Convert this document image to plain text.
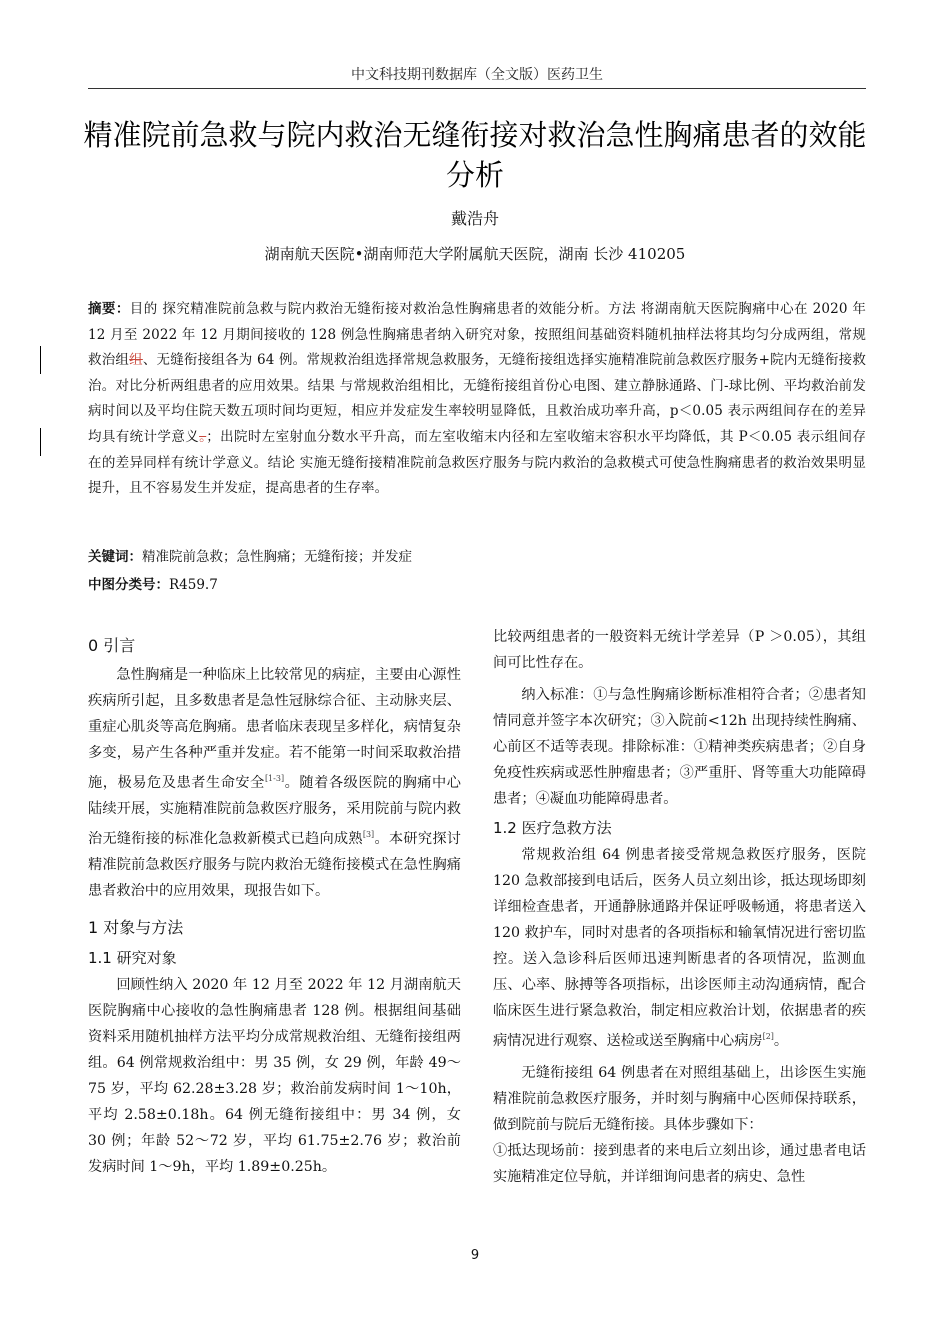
中文科技期刊数据库（全文版）医药卫生
精准院前急救与院内救治无缝衔接对救治急性胸痛患者的效能分析
戴浩舟
湖南航天医院•湖南师范大学附属航天医院，湖南 长沙 410205
摘要：目的 探究精准院前急救与院内救治无缝衔接对救治急性胸痛患者的效能分析。方法 将湖南航天医院胸痛中心在 2020 年 12 月至 2022 年 12 月期间接收的 128 例急性胸痛患者纳入研究对象，按照组间基础资料随机抽样法将其均匀分成两组，常规救治组组、无缝衔接组各为 64 例。常规救治组选择常规急救服务，无缝衔接组选择实施精准院前急救医疗服务+院内无缝衔接救治。对比分析两组患者的应用效果。结果 与常规救治组相比，无缝衔接组首份心电图、建立静脉通路、门-球比例、平均救治前发病时间以及平均住院天数五项时间均更短，相应并发症发生率较明显降低，且救治成功率升高，p＜0.05 表示两组间存在的差异均具有统计学意义。；出院时左室射血分数水平升高，而左室收缩末内径和左室收缩末容积水平均降低，其 P＜0.05 表示组间存在的差异同样有统计学意义。结论 实施无缝衔接精准院前急救医疗服务与院内救治的急救模式可使急性胸痛患者的救治效果明显提升，且不容易发生并发症，提高患者的生存率。
关键词：精准院前急救；急性胸痛；无缝衔接；并发症
中图分类号：R459.7
0 引言

急性胸痛是一种临床上比较常见的病症，主要由心源性疾病所引起，且多数患者是急性冠脉综合征、主动脉夹层、重症心肌炎等高危胸痛。患者临床表现呈多样化，病情复杂多变，易产生各种严重并发症。若不能第一时间采取救治措施，极易危及患者生命安全[1-3]。随着各级医院的胸痛中心陆续开展，实施精准院前急救医疗服务，采用院前与院内救治无缝衔接的标准化急救新模式已趋向成熟[3]。本研究探讨精准院前急救医疗服务与院内救治无缝衔接模式在急性胸痛患者救治中的应用效果，现报告如下。

1 对象与方法
1.1 研究对象

回顾性纳入 2020 年 12 月至 2022 年 12 月湖南航天医院胸痛中心接收的急性胸痛患者 128 例。根据组间基础资料采用随机抽样方法平均分成常规救治组、无缝衔接组两组。64 例常规救治组中：男 35 例，女 29 例，年龄 49～75 岁，平均 62.28±3.28 岁；救治前发病时间 1～10h，平均 2.58±0.18h。64 例无缝衔接组中：男 34 例，女 30 例；年龄 52～72 岁，平均 61.75±2.76 岁；救治前发病时间 1～9h，平均 1.89±0.25h。

比较两组患者的一般资料无统计学差异（P ＞0.05），其组间可比性存在。

纳入标准：①与急性胸痛诊断标准相符合者；②患者知情同意并签字本次研究；③入院前<12h 出现持续性胸痛、心前区不适等表现。排除标准：①精神类疾病患者；②自身免疫性疾病或恶性肿瘤患者；③严重肝、肾等重大功能障碍患者；④凝血功能障碍患者。

1.2 医疗急救方法

常规救治组 64 例患者接受常规急救医疗服务，医院 120 急救部接到电话后，医务人员立刻出诊，抵达现场即刻详细检查患者，开通静脉通路并保证呼吸畅通，将患者送入 120 救护车，同时对患者的各项指标和输氧情况进行密切监控。送入急诊科后医师迅速判断患者的各项情况，监测血压、心率、脉搏等各项指标，出诊医师主动沟通病情，配合临床医生进行紧急救治，制定相应救治计划，依据患者的疾病情况进行观察、送检或送至胸痛中心病房[2]。

无缝衔接组 64 例患者在对照组基础上，出诊医生实施精准院前急救医疗服务，并时刻与胸痛中心医师保持联系，做到院前与院后无缝衔接。具体步骤如下：

①抵达现场前：接到患者的来电后立刻出诊，通过患者电话实施精准定位导航，并详细询问患者的病史、急性

9
